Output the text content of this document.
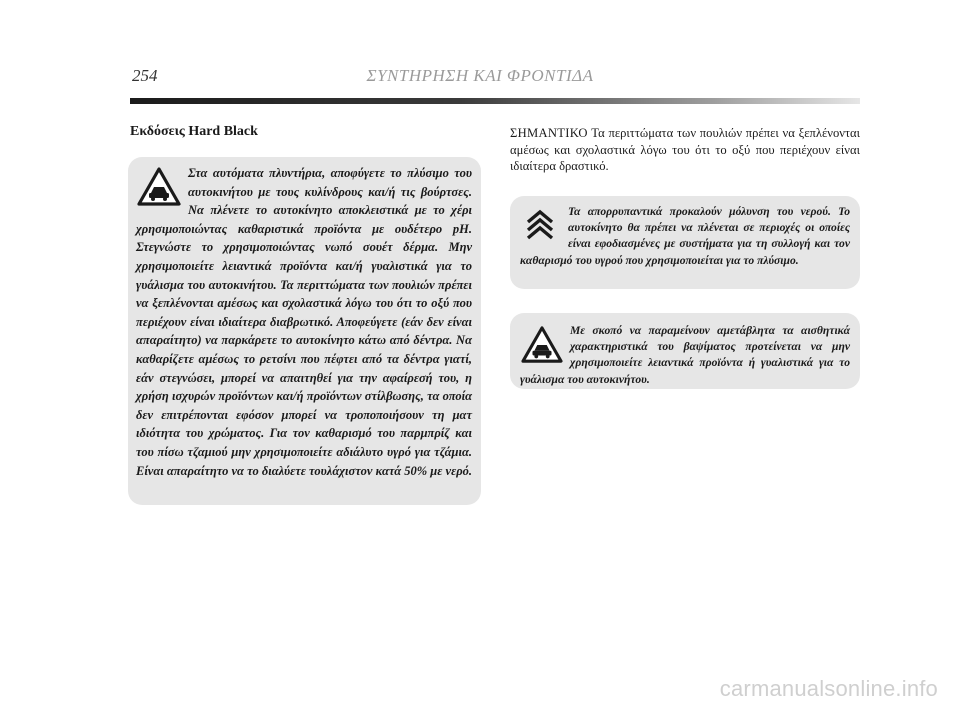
254	ΣΥΝΤΗΡΗΣΗ ΚΑΙ ΦΡΟΝΤΙΔΑ
Εκδόσεις Hard Black
Στα αυτόματα πλυντήρια, αποφύγετε το πλύσιμο του αυτοκινήτου με τους κυλίνδρους και/ή τις βούρτσες. Να πλένετε το αυτοκίνητο αποκλειστικά με το χέρι χρησιμοποιώντας καθαριστικά προϊόντα με ουδέτερο pH. Στεγνώστε το χρησιμοποιώντας νωπό σουέτ δέρμα. Μην χρησιμοποιείτε λειαντικά προϊόντα και/ή γυαλιστικά για το γυάλισμα του αυτοκινήτου. Τα περιττώματα των πουλιών πρέπει να ξεπλένονται αμέσως και σχολαστικά λόγω του ότι το οξύ που περιέχουν είναι ιδιαίτερα διαβρωτικό. Αποφεύγετε (εάν δεν είναι απαραίτητο) να παρκάρετε το αυτοκίνητο κάτω από δέντρα. Να καθαρίζετε αμέσως το ρετσίνι που πέφτει από τα δέντρα γιατί, εάν στεγνώσει, μπορεί να απαιτηθεί για την αφαίρεσή του, η χρήση ισχυρών προϊόντων και/ή προϊόντων στίλβωσης, τα οποία δεν επιτρέπονται εφόσον μπορεί να τροποποιήσουν τη ματ ιδιότητα του χρώματος. Για τον καθαρισμό του παρμπρίζ και του πίσω τζαμιού μην χρησιμοποιείτε αδιάλυτο υγρό για τζάμια. Είναι απαραίτητο να το διαλύετε τουλάχιστον κατά 50% με νερό.
ΣΗΜΑΝΤΙΚΟ Τα περιττώματα των πουλιών πρέπει να ξεπλένονται αμέσως και σχολαστικά λόγω του ότι το οξύ που περιέχουν είναι ιδιαίτερα δραστικό.
Τα απορρυπαντικά προκαλούν μόλυνση του νερού. Το αυτοκίνητο θα πρέπει να πλένεται σε περιοχές οι οποίες είναι εφοδιασμένες με συστήματα για τη συλλογή και τον καθαρισμό του υγρού που χρησιμοποιείται για το πλύσιμο.
Με σκοπό να παραμείνουν αμετάβλητα τα αισθητικά χαρακτηριστικά του βαψίματος προτείνεται να μην χρησιμοποιείτε λειαντικά προϊόντα ή γυαλιστικά για το γυάλισμα του αυτοκινήτου.
carmanualsonline.info
